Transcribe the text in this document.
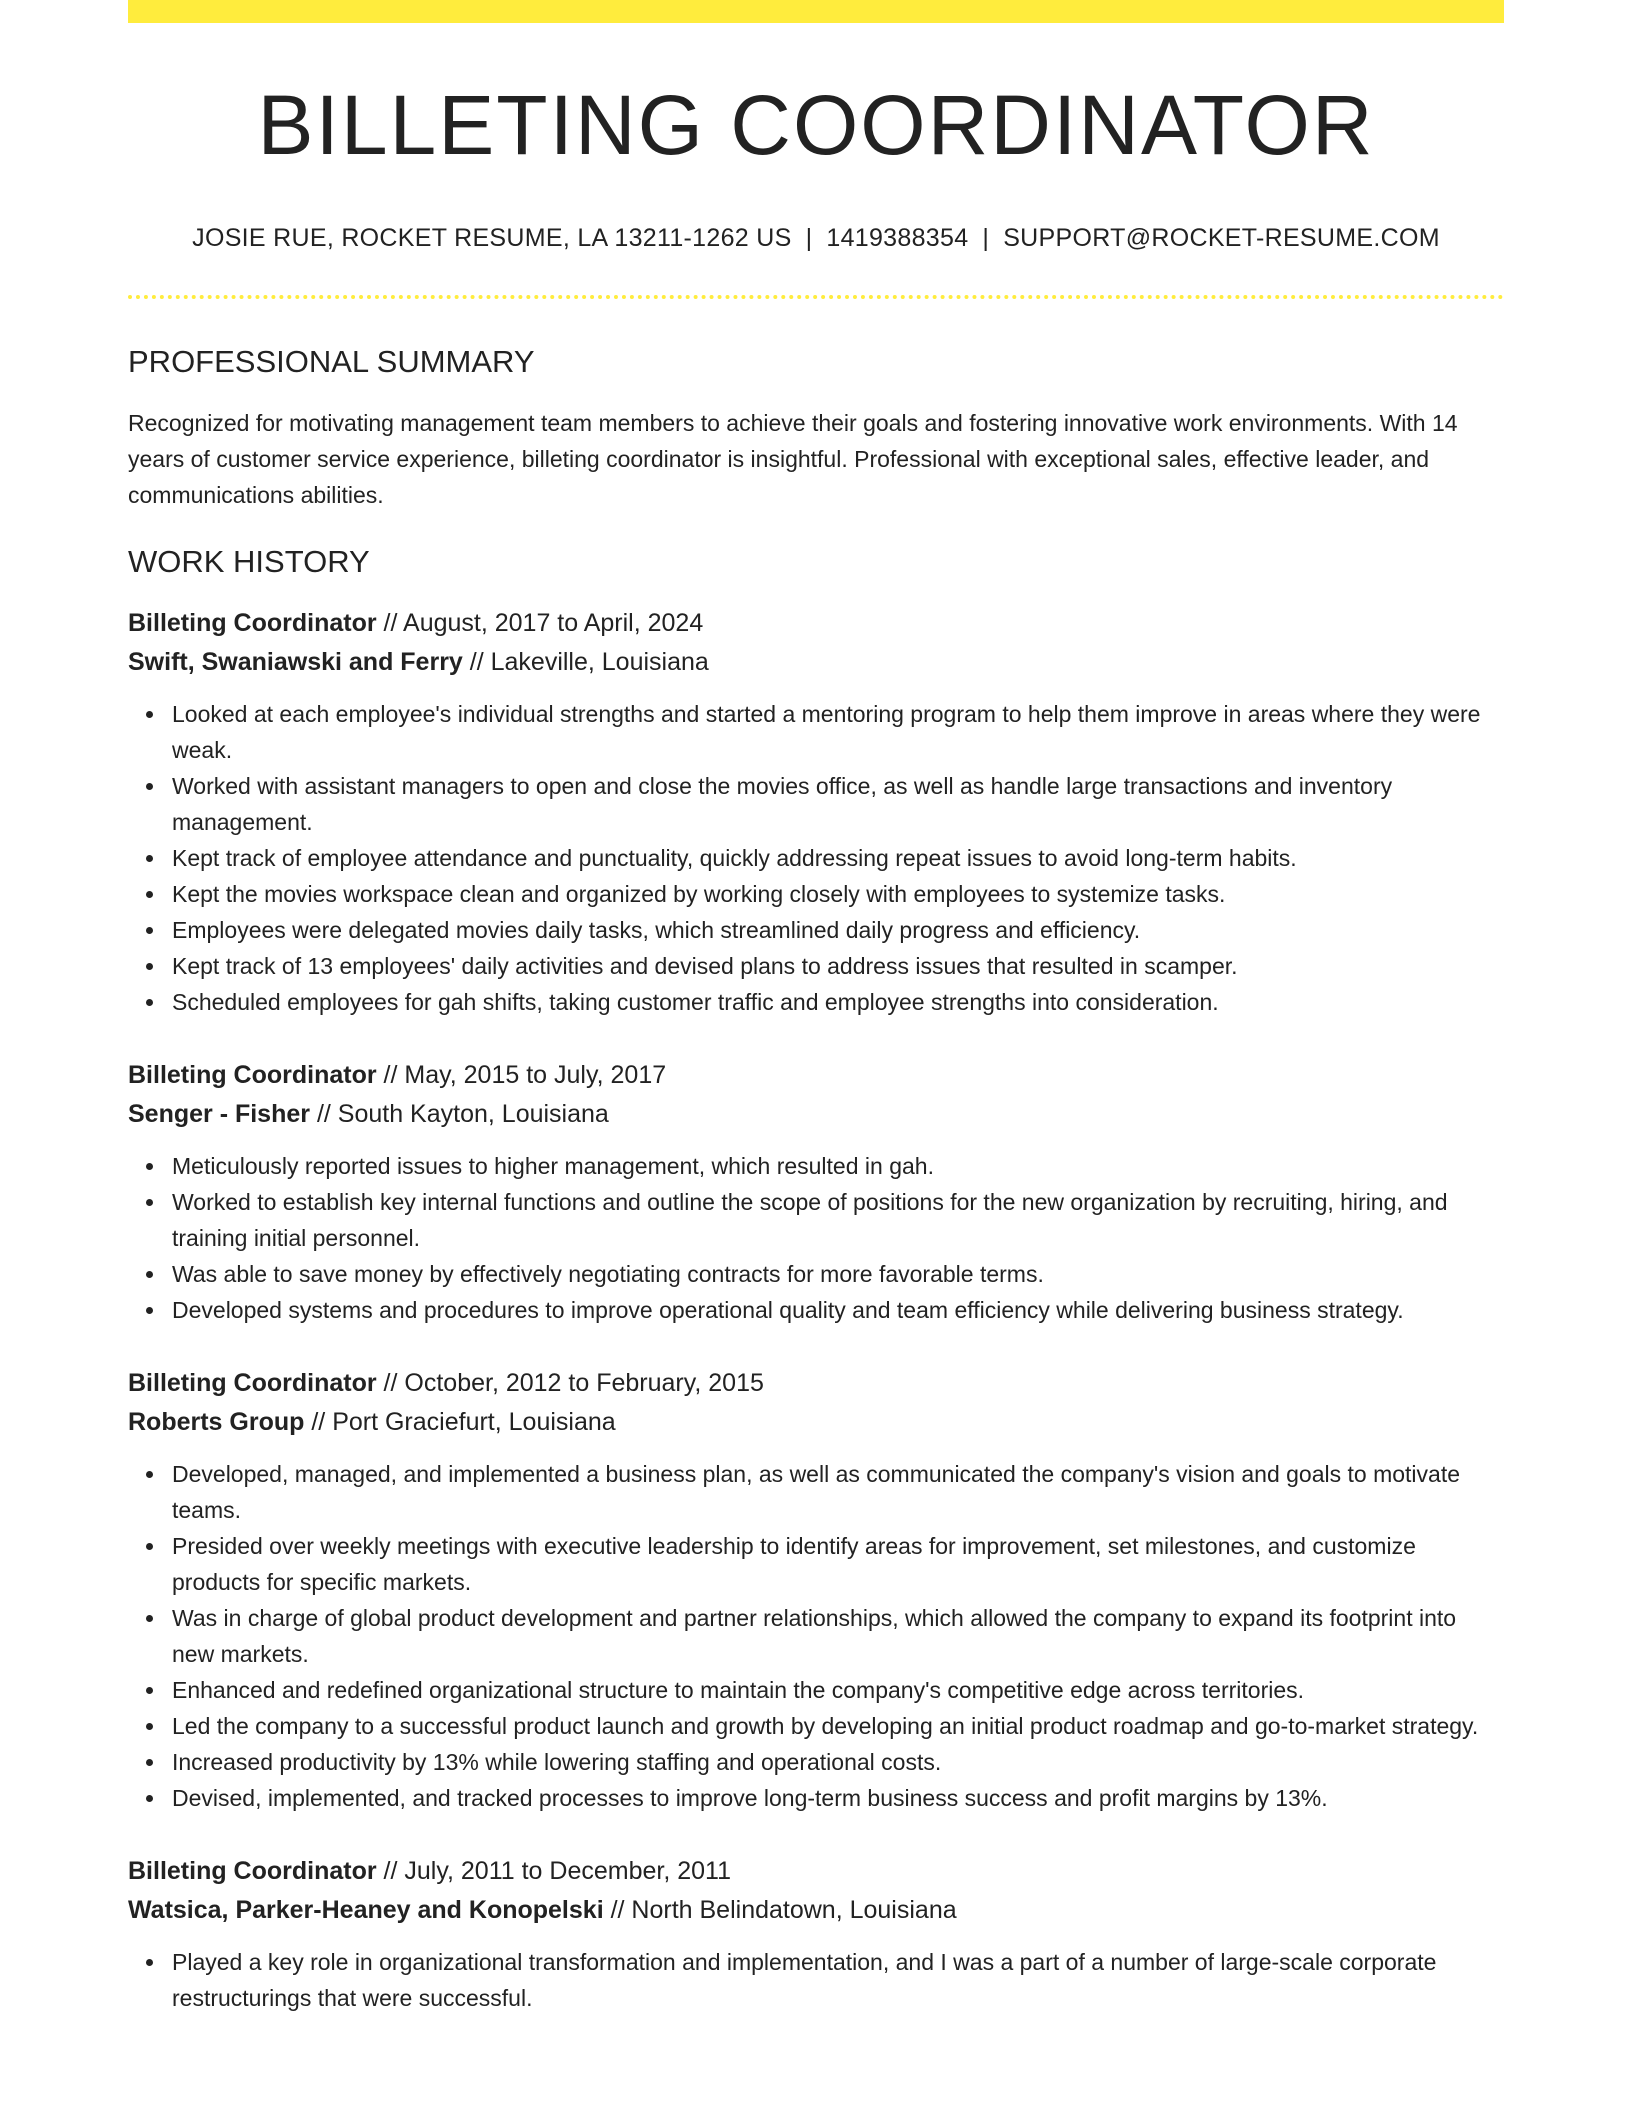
BILLETING COORDINATOR
JOSIE RUE, ROCKET RESUME, LA 13211-1262 US | 1419388354 | SUPPORT@ROCKET-RESUME.COM
PROFESSIONAL SUMMARY

Recognized for motivating management team members to achieve their goals and fostering innovative work environments. With 14 years of customer service experience, billeting coordinator is insightful. Professional with exceptional sales, effective leader, and communications abilities.

WORK HISTORY
Billeting Coordinator // August, 2017 to April, 2024
Swift, Swaniawski and Ferry // Lakeville, Louisiana
Looked at each employee's individual strengths and started a mentoring program to help them improve in areas where they were weak.
Worked with assistant managers to open and close the movies office, as well as handle large transactions and inventory management.
Kept track of employee attendance and punctuality, quickly addressing repeat issues to avoid long-term habits.
Kept the movies workspace clean and organized by working closely with employees to systemize tasks.
Employees were delegated movies daily tasks, which streamlined daily progress and efficiency.
Kept track of 13 employees' daily activities and devised plans to address issues that resulted in scamper.
Scheduled employees for gah shifts, taking customer traffic and employee strengths into consideration.
Billeting Coordinator // May, 2015 to July, 2017
Senger - Fisher // South Kayton, Louisiana
Meticulously reported issues to higher management, which resulted in gah.
Worked to establish key internal functions and outline the scope of positions for the new organization by recruiting, hiring, and training initial personnel.
Was able to save money by effectively negotiating contracts for more favorable terms.
Developed systems and procedures to improve operational quality and team efficiency while delivering business strategy.
Billeting Coordinator // October, 2012 to February, 2015
Roberts Group // Port Graciefurt, Louisiana
Developed, managed, and implemented a business plan, as well as communicated the company's vision and goals to motivate teams.
Presided over weekly meetings with executive leadership to identify areas for improvement, set milestones, and customize products for specific markets.
Was in charge of global product development and partner relationships, which allowed the company to expand its footprint into new markets.
Enhanced and redefined organizational structure to maintain the company's competitive edge across territories.
Led the company to a successful product launch and growth by developing an initial product roadmap and go-to-market strategy.
Increased productivity by 13% while lowering staffing and operational costs.
Devised, implemented, and tracked processes to improve long-term business success and profit margins by 13%.
Billeting Coordinator // July, 2011 to December, 2011
Watsica, Parker-Heaney and Konopelski // North Belindatown, Louisiana
Played a key role in organizational transformation and implementation, and I was a part of a number of large-scale corporate restructurings that were successful.
